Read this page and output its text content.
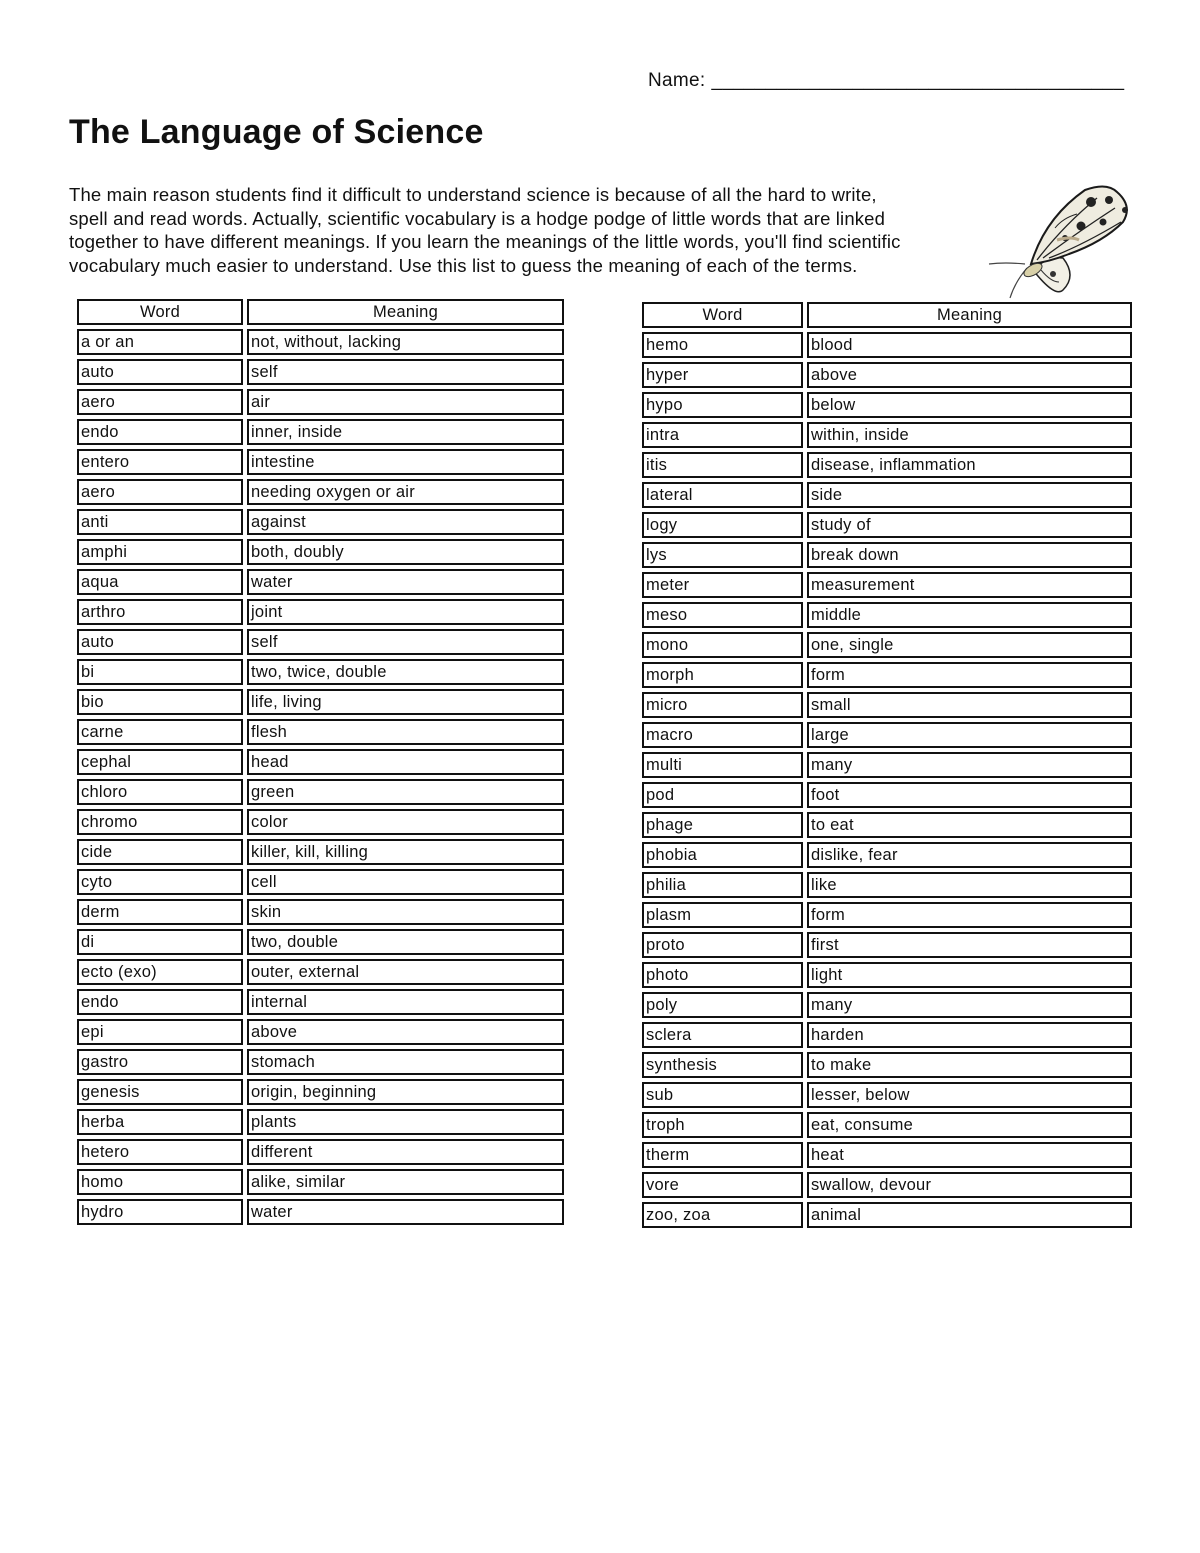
Name: ______________________________________
The Language of Science

The main reason students find it difficult to understand science is because of all the hard to write,
spell and read words. Actually, scientific vocabulary is a hodge podge of little words that are linked
together to have different meanings. If you learn the meanings of the little words, you'll find scientific
vocabulary much easier to understand. Use this list to guess the meaning of each of the terms.

Word	Meaning
a or an	not, without, lacking
auto	self
aero	air
endo	inner, inside
entero	intestine
aero	needing oxygen or air
anti	against
amphi	both, doubly
aqua	water
arthro	joint
auto	self
bi	two, twice, double
bio	life, living
carne	flesh
cephal	head
chloro	green
chromo	color
cide	killer, kill, killing
cyto	cell
derm	skin
di	two, double
ecto (exo)	outer, external
endo	internal
epi	above
gastro	stomach
genesis	origin, beginning
herba	plants
hetero	different
homo	alike, similar
hydro	water
Word	Meaning
hemo	blood
hyper	above
hypo	below
intra	within, inside
itis	disease, inflammation
lateral	side
logy	study of
lys	break down
meter	measurement
meso	middle
mono	one, single
morph	form
micro	small
macro	large
multi	many
pod	foot
phage	to eat
phobia	dislike, fear
philia	like
plasm	form
proto	first
photo	light
poly	many
sclera	harden
synthesis	to make
sub	lesser, below
troph	eat, consume
therm	heat
vore	swallow, devour
zoo, zoa	animal
